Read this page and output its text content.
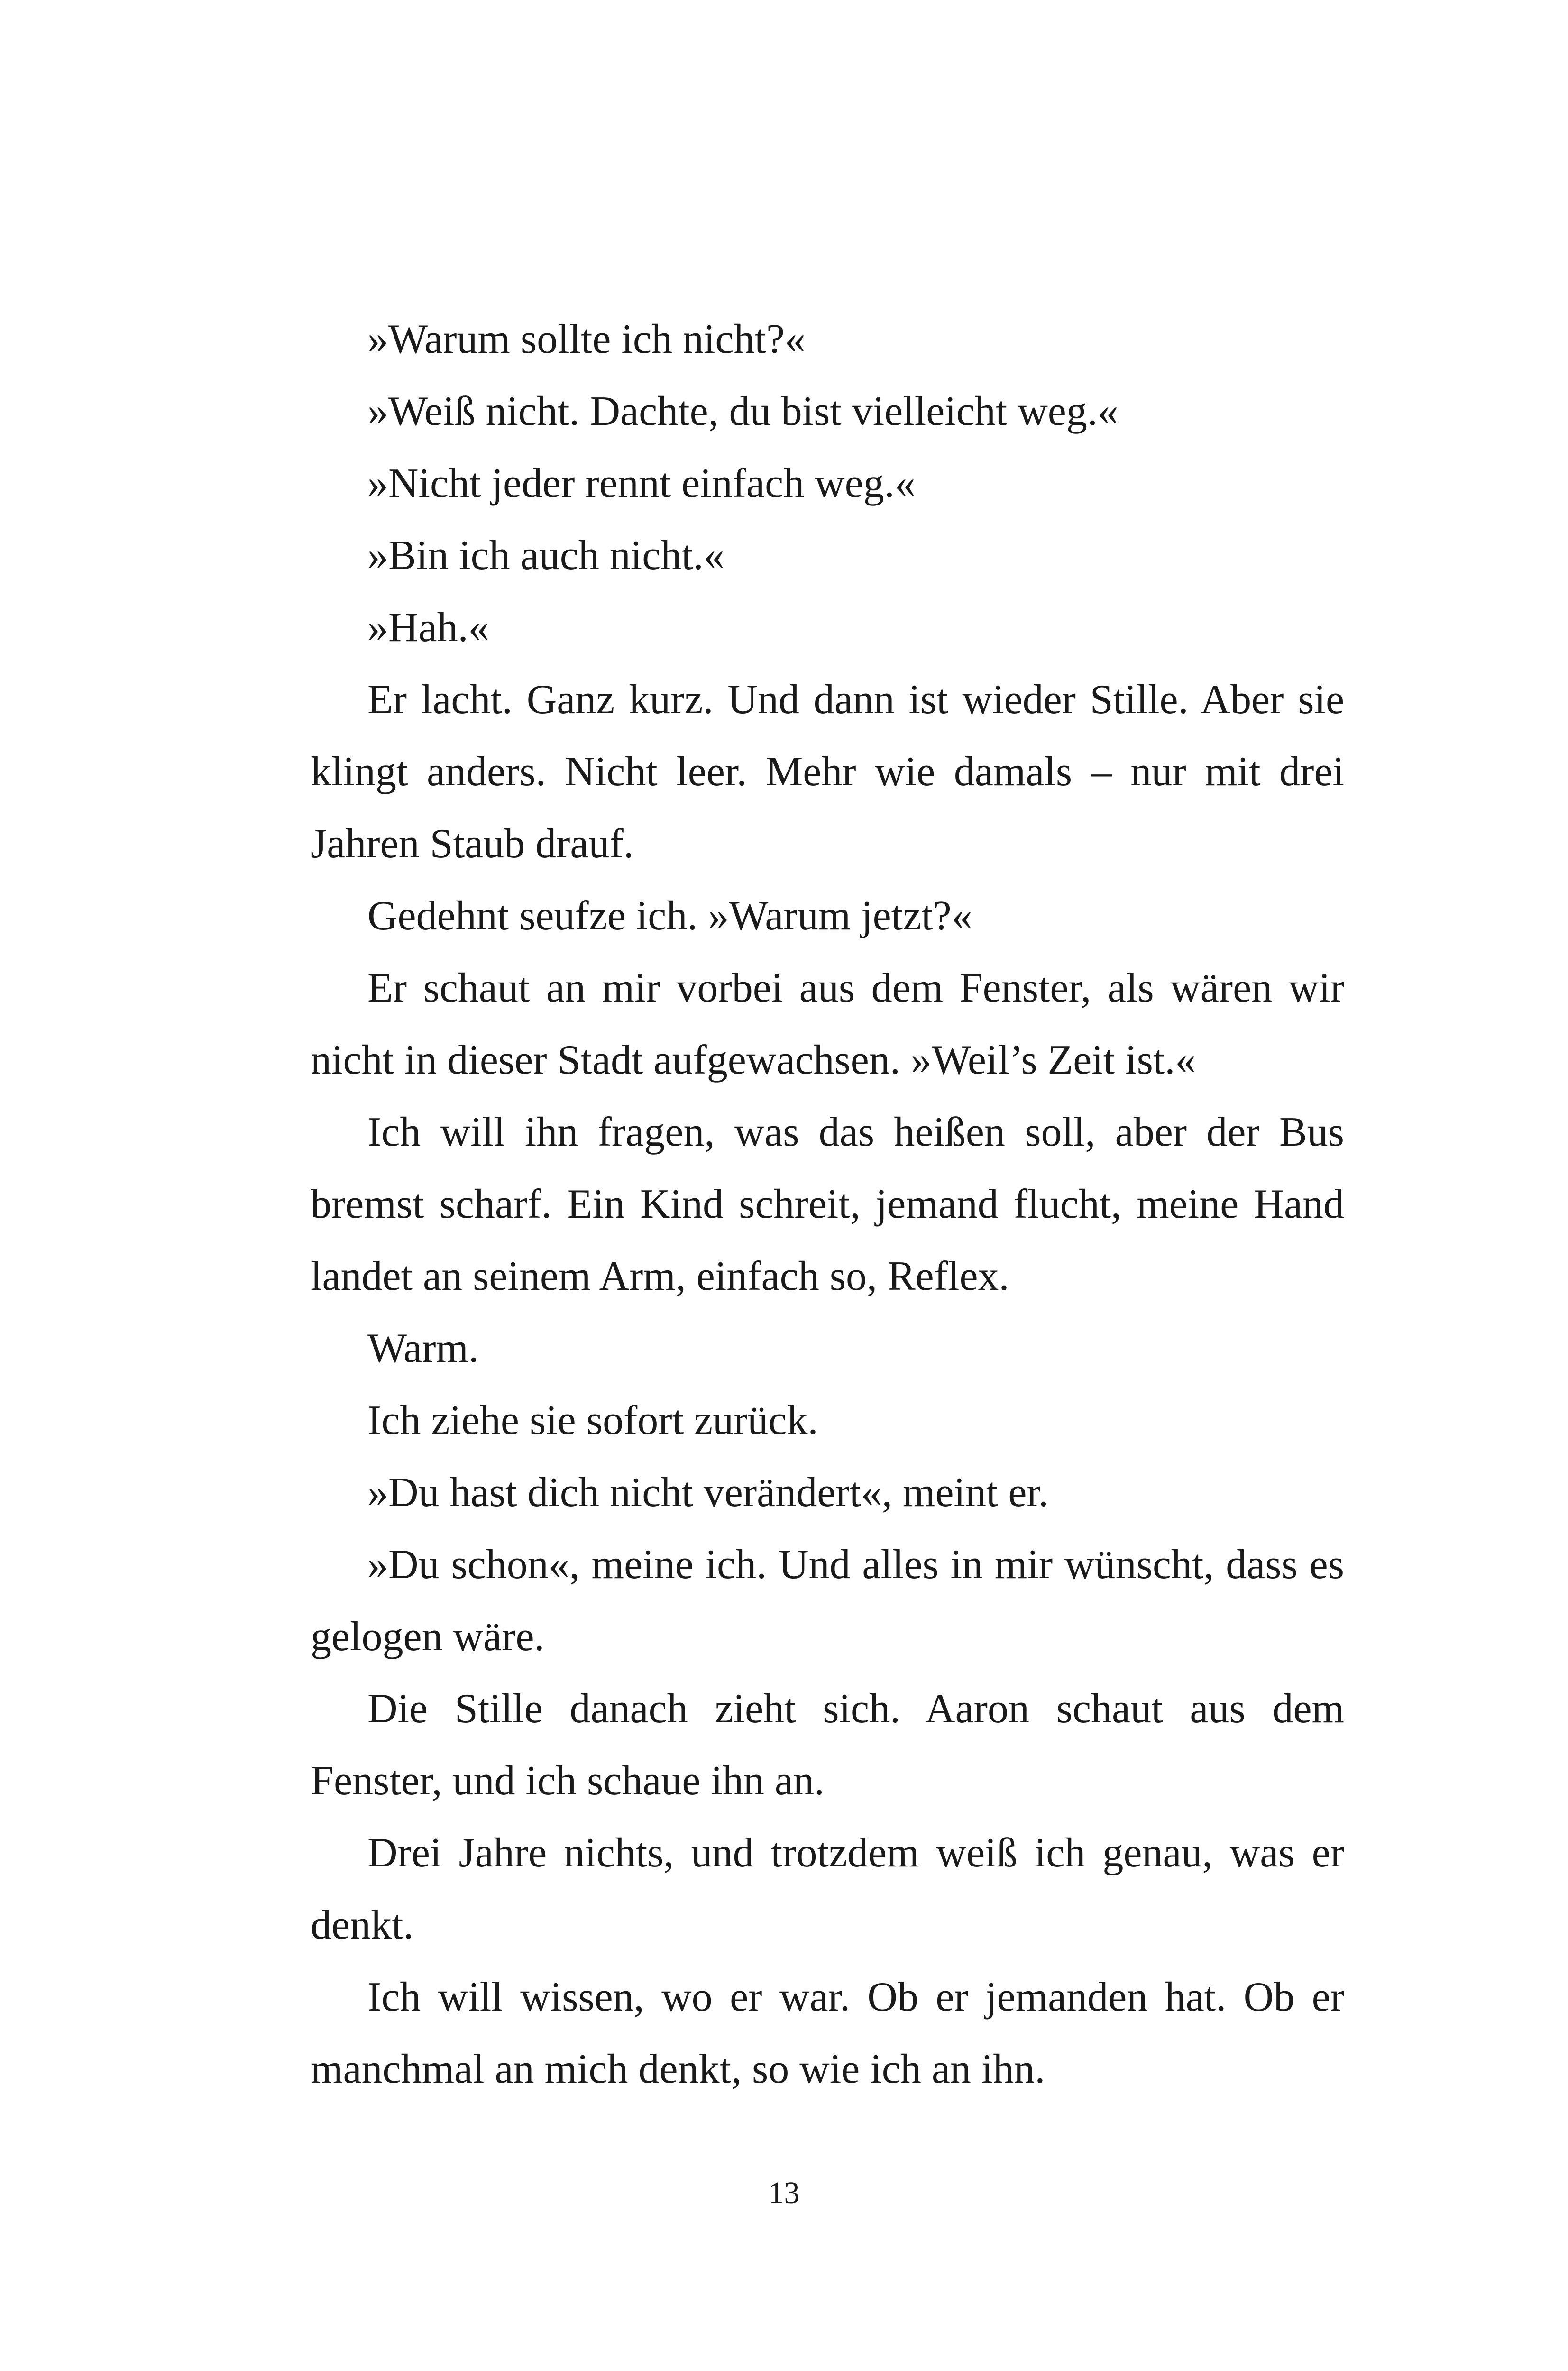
»Warum sollte ich nicht?«

»Weiß nicht. Dachte, du bist vielleicht weg.«

»Nicht jeder rennt einfach weg.«

»Bin ich auch nicht.«

»Hah.«

Er lacht. Ganz kurz. Und dann ist wieder Stille. Aber sie klingt anders. Nicht leer. Mehr wie damals – nur mit drei Jahren Staub drauf.

Gedehnt seufze ich. »Warum jetzt?«

Er schaut an mir vorbei aus dem Fenster, als wären wir nicht in dieser Stadt aufgewachsen. »Weil’s Zeit ist.«

Ich will ihn fragen, was das heißen soll, aber der Bus bremst scharf. Ein Kind schreit, jemand flucht, meine Hand landet an seinem Arm, einfach so, Reflex.

Warm.

Ich ziehe sie sofort zurück.

»Du hast dich nicht verändert«, meint er.

»Du schon«, meine ich. Und alles in mir wünscht, dass es gelogen wäre.

Die Stille danach zieht sich. Aaron schaut aus dem Fenster, und ich schaue ihn an.

Drei Jahre nichts, und trotzdem weiß ich genau, was er denkt.

Ich will wissen, wo er war. Ob er jemanden hat. Ob er manchmal an mich denkt, so wie ich an ihn.

13
